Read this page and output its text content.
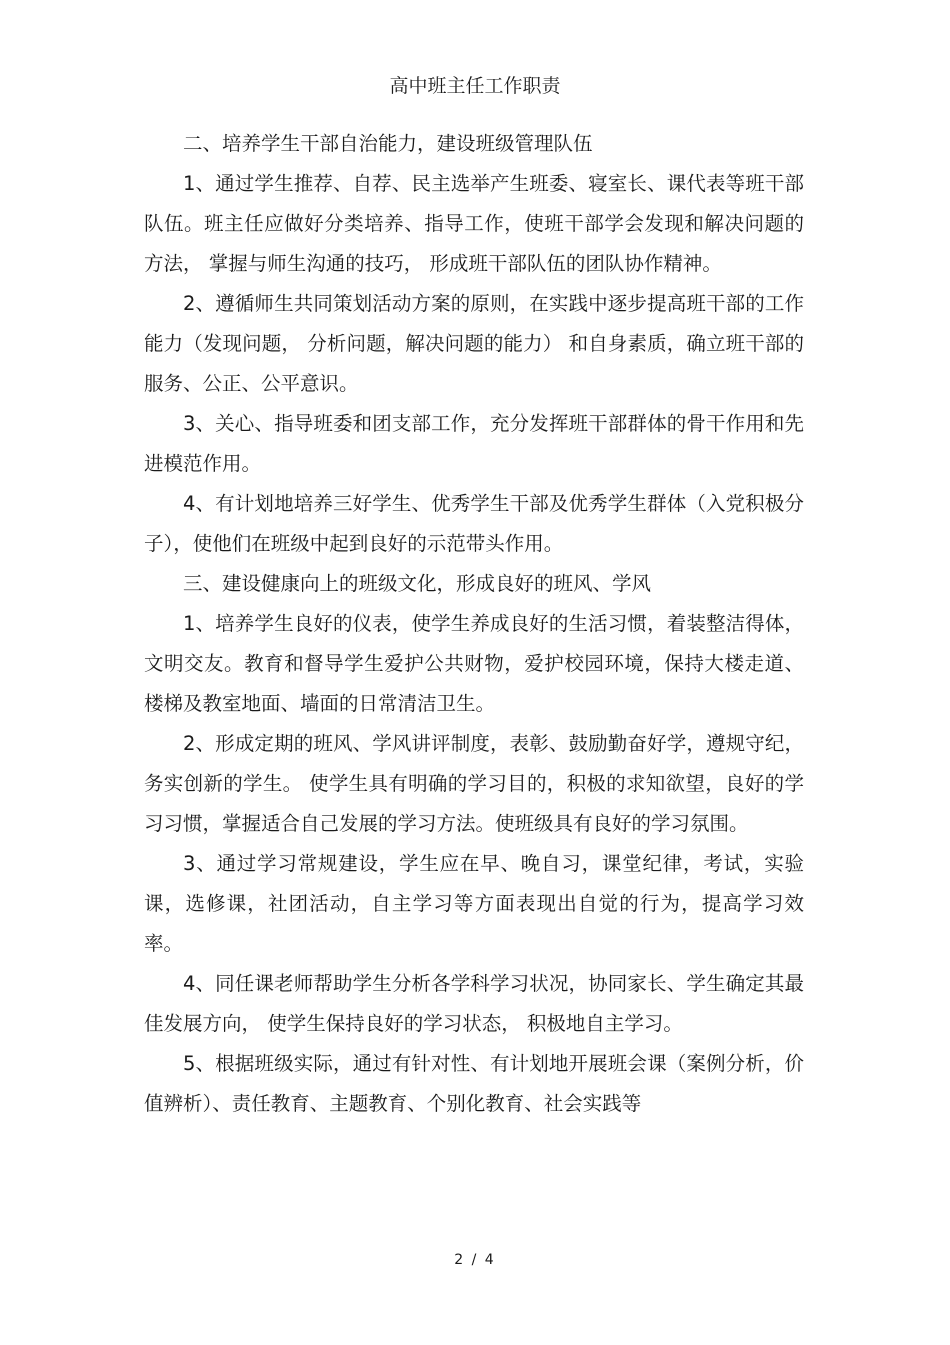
高中班主任工作职责

二、培养学生干部自治能力，建设班级管理队伍

1、通过学生推荐、自荐、民主选举产生班委、寝室长、课代表等班干部队伍。班主任应做好分类培养、指导工作，使班干部学会发现和解决问题的方法， 掌握与师生沟通的技巧， 形成班干部队伍的团队协作精神。

2、遵循师生共同策划活动方案的原则，在实践中逐步提高班干部的工作能力（发现问题， 分析问题，解决问题的能力） 和自身素质，确立班干部的服务、公正、公平意识。

3、关心、指导班委和团支部工作，充分发挥班干部群体的骨干作用和先进模范作用。

4、有计划地培养三好学生、优秀学生干部及优秀学生群体（入党积极分子），使他们在班级中起到良好的示范带头作用。

三、建设健康向上的班级文化，形成良好的班风、学风

1、培养学生良好的仪表，使学生养成良好的生活习惯，着装整洁得体，文明交友。教育和督导学生爱护公共财物，爱护校园环境，保持大楼走道、楼梯及教室地面、墙面的日常清洁卫生。

2、形成定期的班风、学风讲评制度，表彰、鼓励勤奋好学，遵规守纪，务实创新的学生。 使学生具有明确的学习目的，积极的求知欲望，良好的学习习惯，掌握适合自己发展的学习方法。使班级具有良好的学习氛围。

3、通过学习常规建设，学生应在早、晚自习，课堂纪律，考试，实验课，选修课，社团活动，自主学习等方面表现出自觉的行为，提高学习效率。

4、同任课老师帮助学生分析各学科学习状况，协同家长、学生确定其最佳发展方向， 使学生保持良好的学习状态， 积极地自主学习。

5、根据班级实际，通过有针对性、有计划地开展班会课（案例分析，价值辨析）、责任教育、主题教育、个别化教育、社会实践等

2 / 4
